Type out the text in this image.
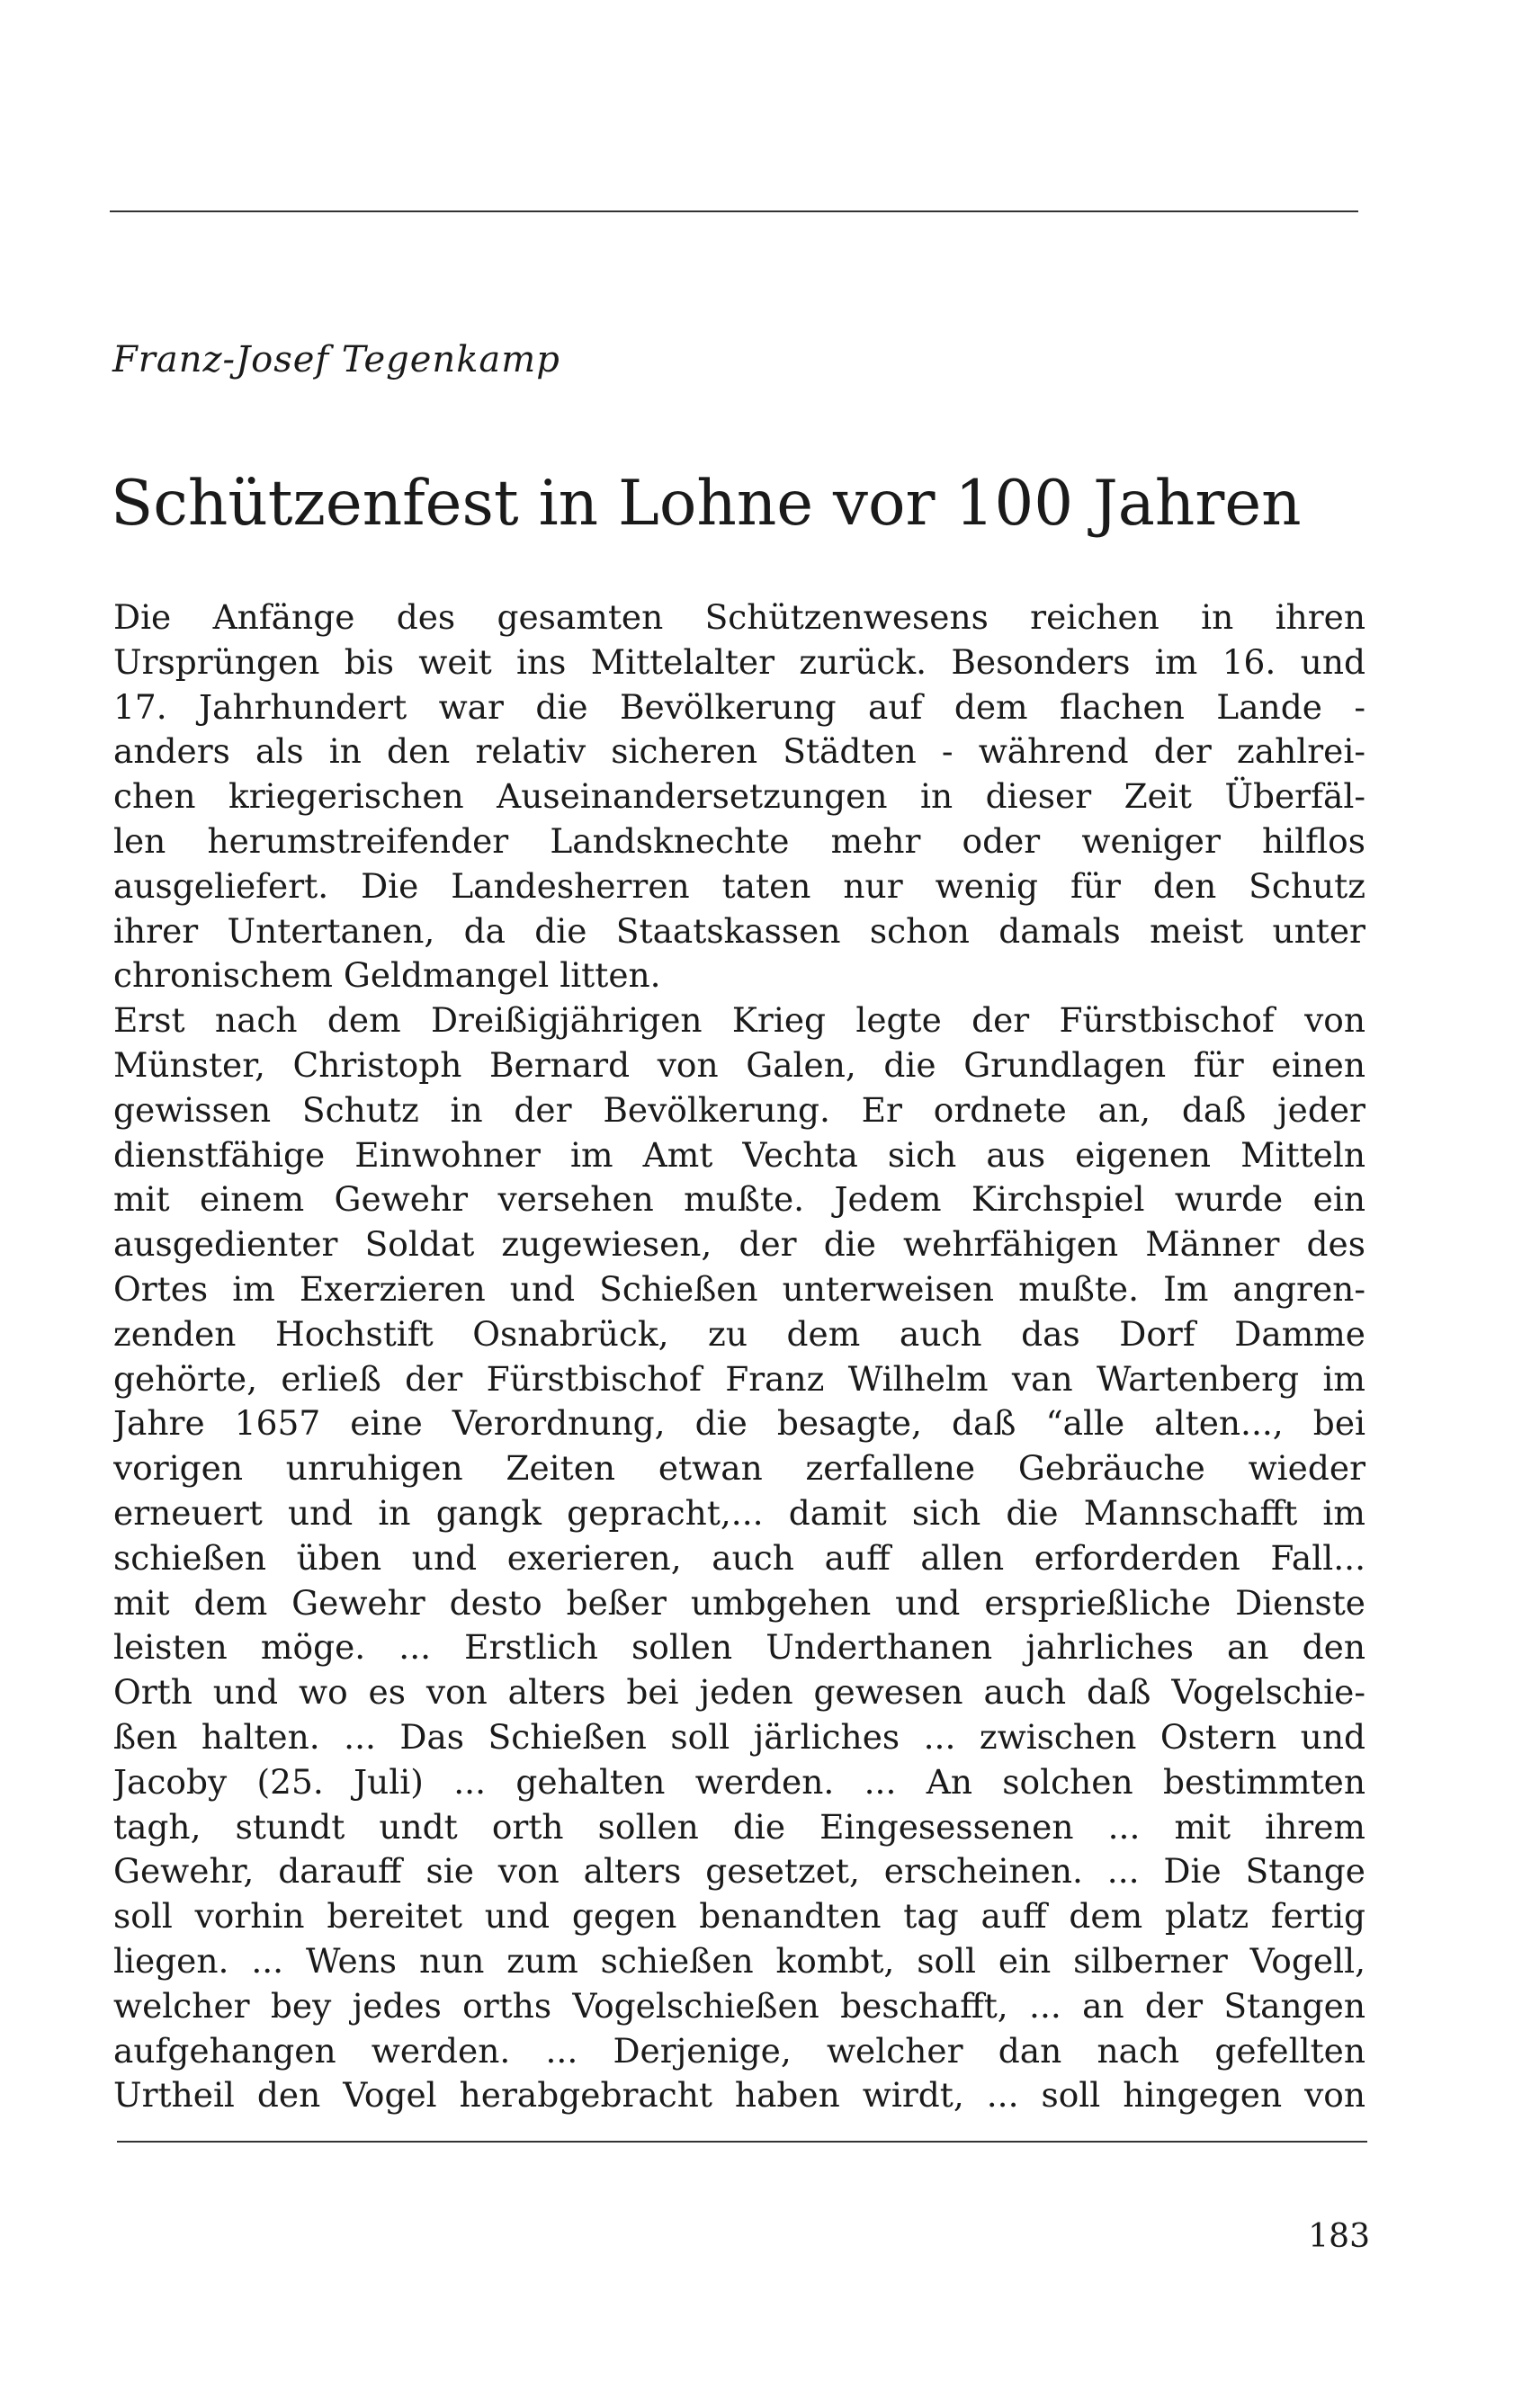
Franz-Josef Tegenkamp
Schützenfest in Lohne vor 100 Jahren
Die Anfänge des gesamten Schützenwesens reichen in ihren
Ursprüngen bis weit ins Mittelalter zurück. Besonders im 16. und
17. Jahrhundert war die Bevölkerung auf dem flachen Lande -
anders als in den relativ sicheren Städten - während der zahlrei-
chen kriegerischen Auseinandersetzungen in dieser Zeit Überfäl-
len herumstreifender Landsknechte mehr oder weniger hilflos
ausgeliefert. Die Landesherren taten nur wenig für den Schutz
ihrer Untertanen, da die Staatskassen schon damals meist unter
chronischem Geldmangel litten.
Erst nach dem Dreißigjährigen Krieg legte der Fürstbischof von
Münster, Christoph Bernard von Galen, die Grundlagen für einen
gewissen Schutz in der Bevölkerung. Er ordnete an, daß jeder
dienstfähige Einwohner im Amt Vechta sich aus eigenen Mitteln
mit einem Gewehr versehen mußte. Jedem Kirchspiel wurde ein
ausgedienter Soldat zugewiesen, der die wehrfähigen Männer des
Ortes im Exerzieren und Schießen unterweisen mußte. Im angren-
zenden Hochstift Osnabrück, zu dem auch das Dorf Damme
gehörte, erließ der Fürstbischof Franz Wilhelm van Wartenberg im
Jahre 1657 eine Verordnung, die besagte, daß “alle alten..., bei
vorigen unruhigen Zeiten etwan zerfallene Gebräuche wieder
erneuert und in gangk gepracht,... damit sich die Mannschafft im
schießen üben und exerieren, auch auff allen erforderden Fall...
mit dem Gewehr desto beßer umbgehen und ersprießliche Dienste
leisten möge. ... Erstlich sollen Underthanen jahrliches an den
Orth und wo es von alters bei jeden gewesen auch daß Vogelschie-
ßen halten. ... Das Schießen soll järliches ... zwischen Ostern und
Jacoby (25. Juli) ... gehalten werden. ... An solchen bestimmten
tagh, stundt undt orth sollen die Eingesessenen ... mit ihrem
Gewehr, darauff sie von alters gesetzet, erscheinen. ... Die Stange
soll vorhin bereitet und gegen benandten tag auff dem platz fertig
liegen. ... Wens nun zum schießen kombt, soll ein silberner Vogell,
welcher bey jedes orths Vogelschießen beschafft, ... an der Stangen
aufgehangen werden. ... Derjenige, welcher dan nach gefellten
Urtheil den Vogel herabgebracht haben wirdt, ... soll hingegen von
183
